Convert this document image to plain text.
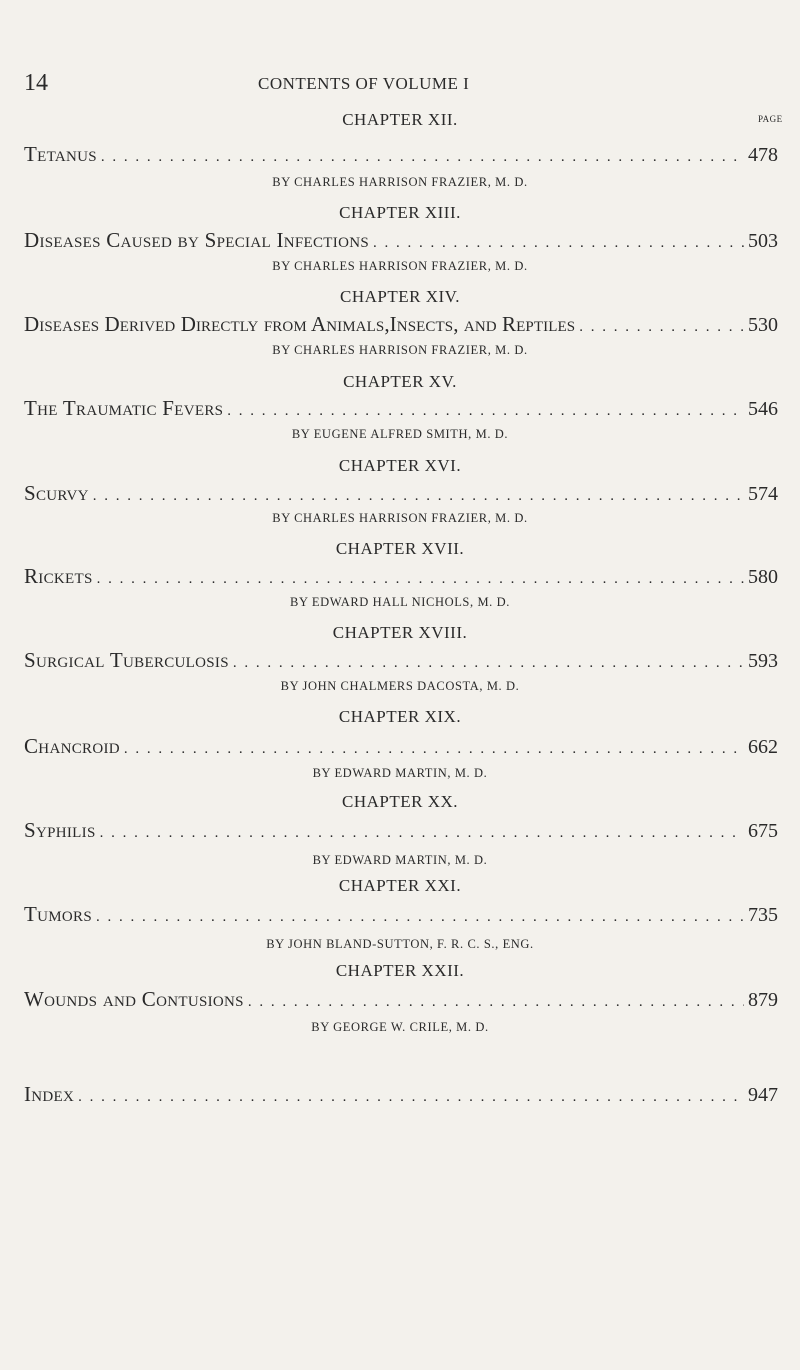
14	CONTENTS OF VOLUME I
PAGE
CHAPTER XII.
Tetanus . . .	478
BY CHARLES HARRISON FRAZIER, M. D.
CHAPTER XIII.
Diseases Caused by Special Infections . . .	503
BY CHARLES HARRISON FRAZIER, M. D.
CHAPTER XIV.
Diseases Derived Directly from Animals,Insects, and Reptiles . . .	530
BY CHARLES HARRISON FRAZIER, M. D.
CHAPTER XV.
The Traumatic Fevers . . .	546
BY EUGENE ALFRED SMITH, M. D.
CHAPTER XVI.
Scurvy . . .	574
BY CHARLES HARRISON FRAZIER, M. D.
CHAPTER XVII.
Rickets . . .	580
BY EDWARD HALL NICHOLS, M. D.
CHAPTER XVIII.
Surgical Tuberculosis . . .	593
BY JOHN CHALMERS DACOSTA, M. D.
CHAPTER XIX.
Chancroid . . .	662
BY EDWARD MARTIN, M. D.
CHAPTER XX.
Syphilis . . .	675
BY EDWARD MARTIN, M. D.
CHAPTER XXI.
Tumors . . .	735
BY JOHN BLAND-SUTTON, F. R. C. S., ENG.
CHAPTER XXII.
Wounds and Contusions . . .	879
BY GEORGE W. CRILE, M. D.
Index . . .	947
